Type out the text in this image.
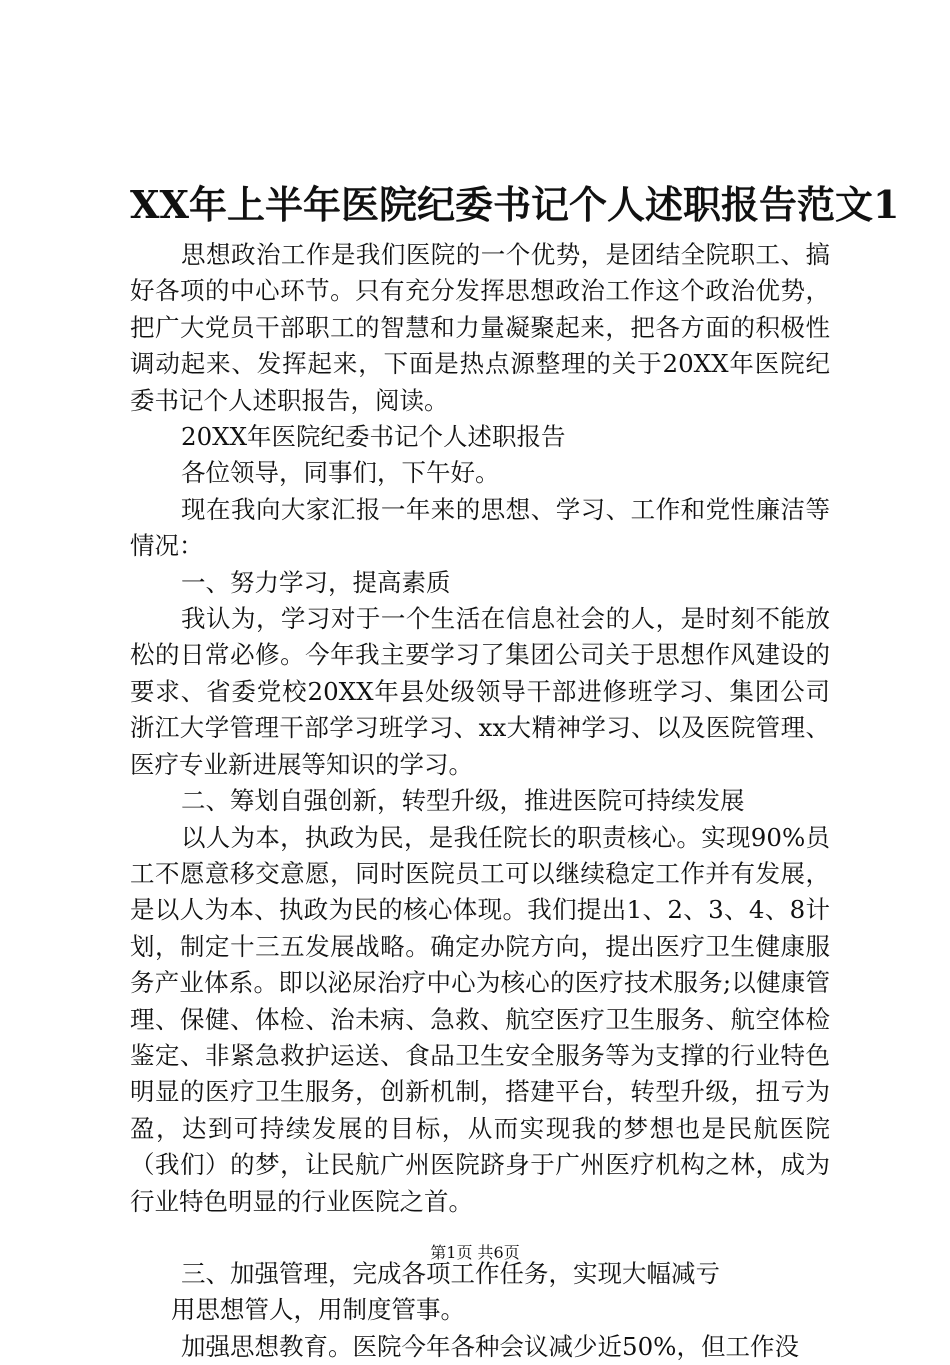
XX年上半年医院纪委书记个人述职报告范文1

思想政治工作是我们医院的一个优势，是团结全院职工、搞好各项的中心环节。只有充分发挥思想政治工作这个政治优势，把广大党员干部职工的智慧和力量凝聚起来，把各方面的积极性调动起来、发挥起来，下面是热点源整理的关于20XX年医院纪委书记个人述职报告，阅读。

20XX年医院纪委书记个人述职报告

各位领导，同事们，下午好。

现在我向大家汇报一年来的思想、学习、工作和党性廉洁等情况：

一、努力学习，提高素质

我认为，学习对于一个生活在信息社会的人，是时刻不能放松的日常必修。今年我主要学习了集团公司关于思想作风建设的要求、省委党校20XX年县处级领导干部进修班学习、集团公司浙江大学管理干部学习班学习、xx大精神学习、以及医院管理、医疗专业新进展等知识的学习。

二、筹划自强创新，转型升级，推进医院可持续发展

以人为本，执政为民，是我任院长的职责核心。实现90%员工不愿意移交意愿，同时医院员工可以继续稳定工作并有发展，是以人为本、执政为民的核心体现。我们提出1、2、3、4、8计划，制定十三五发展战略。确定办院方向，提出医疗卫生健康服务产业体系。即以泌尿治疗中心为核心的医疗技术服务;以健康管理、保健、体检、治未病、急救、航空医疗卫生服务、航空体检鉴定、非紧急救护运送、食品卫生安全服务等为支撑的行业特色明显的医疗卫生服务，创新机制，搭建平台，转型升级，扭亏为盈，达到可持续发展的目标，从而实现我的梦想也是民航医院（我们）的梦，让民航广州医院跻身于广州医疗机构之林，成为行业特色明显的行业医院之首。

三、加强管理，完成各项工作任务，实现大幅减亏

用思想管人，用制度管事。

加强思想教育。医院今年各种会议减少近50%，但工作没

第1页 共6页
